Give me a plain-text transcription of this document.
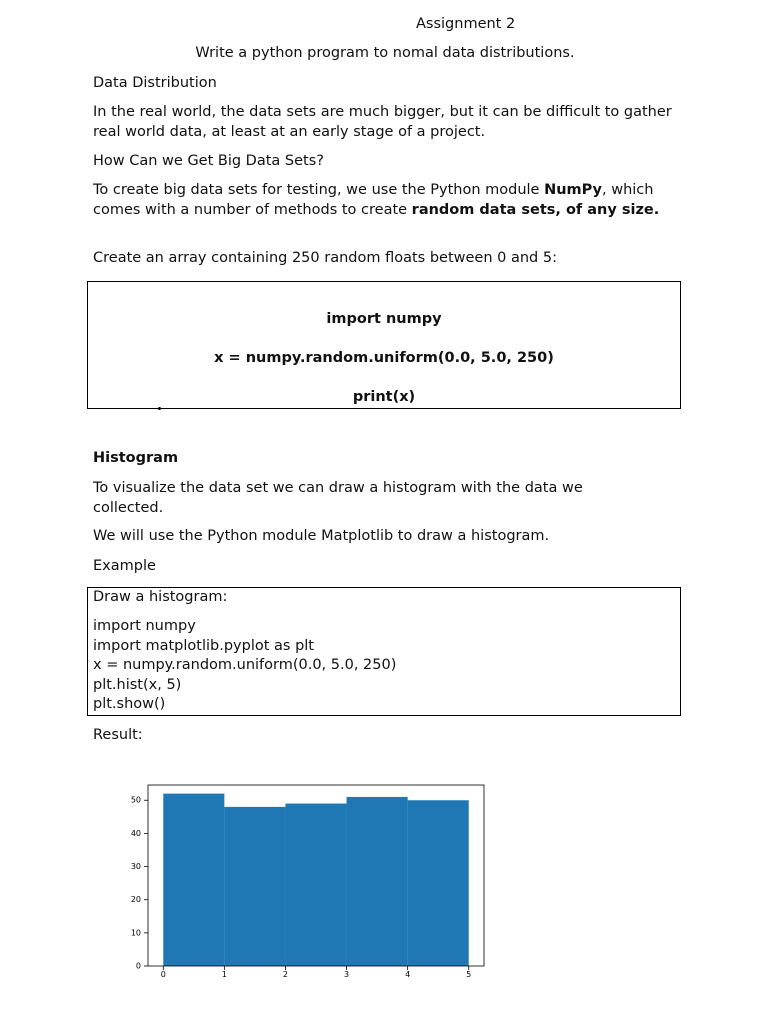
Assignment 2
Write a python program to nomal data distributions.
Data Distribution
In the real world, the data sets are much bigger, but it can be difficult to gather real world data, at least at an early stage of a project.
How Can we Get Big Data Sets?
To create big data sets for testing, we use the Python module NumPy, which comes with a number of methods to create random data sets, of any size.
Create an array containing 250 random floats between 0 and 5:
import numpy
x = numpy.random.uniform(0.0, 5.0, 250)
print(x)
Histogram
To visualize the data set we can draw a histogram with the data we collected.
We will use the Python module Matplotlib to draw a histogram.
Example
Draw a histogram:
import numpy
import matplotlib.pyplot as plt
x = numpy.random.uniform(0.0, 5.0, 250)
plt.hist(x, 5)
plt.show()
Result:
0
10
20
30
40
50
0	1	2	3	4	5
